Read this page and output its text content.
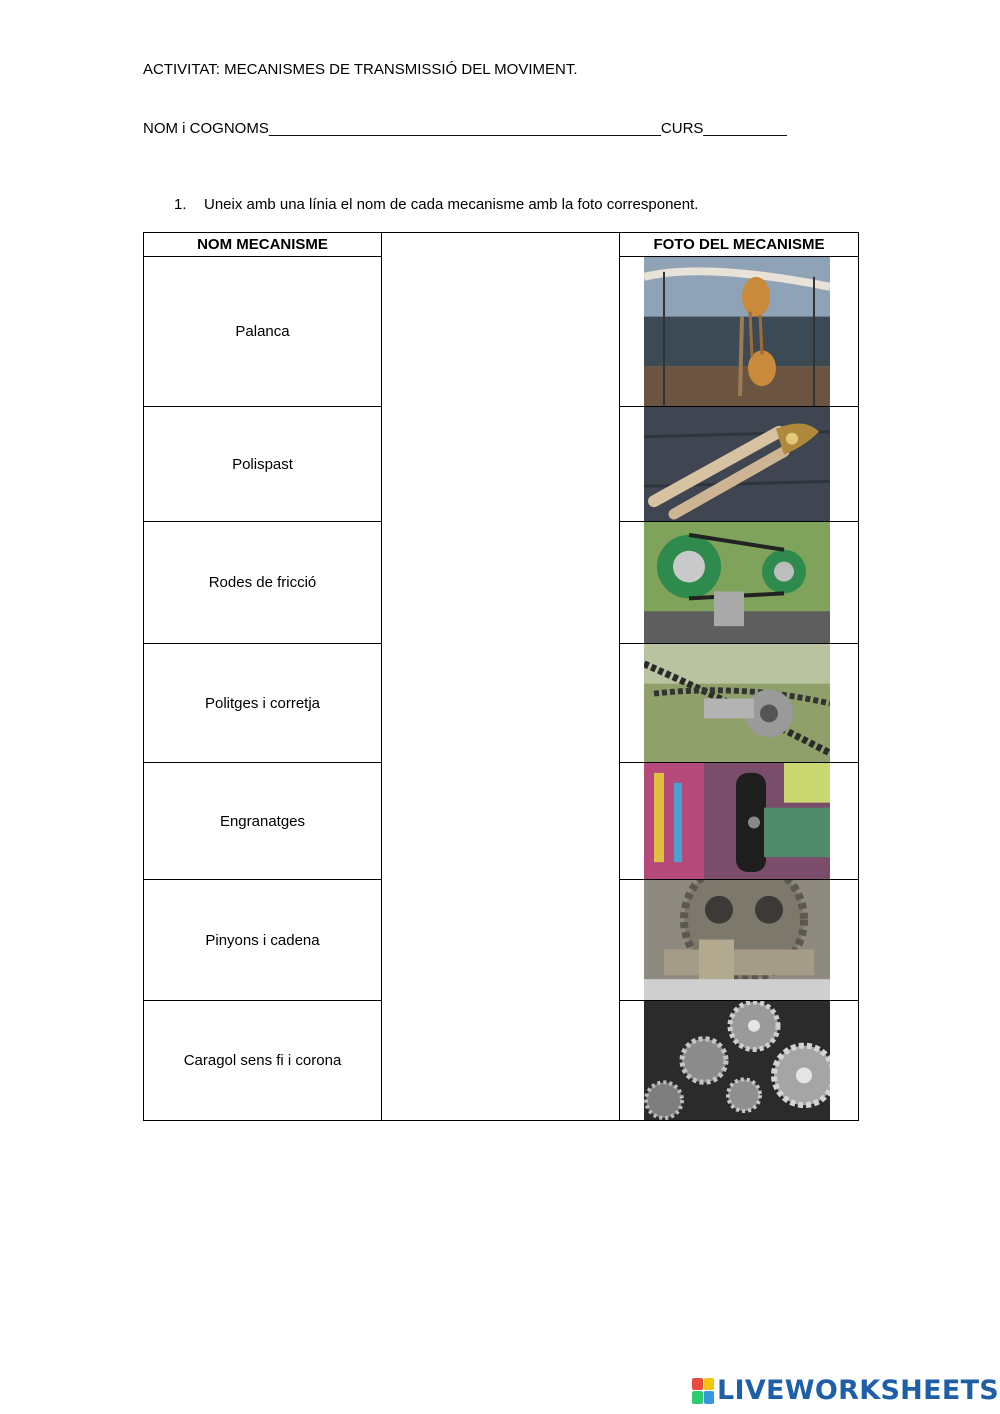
ACTIVITAT: MECANISMES DE TRANSMISSIÓ DEL MOVIMENT.
NOM i COGNOMS_______________________________________________CURS__________
1. Uneix amb una línia el nom de cada mecanisme amb la foto corresponent.
NOM MECANISME		FOTO DEL MECANISME
Palanca	

Polispast	

Rodes de fricció	

Politges i corretja	

Engranatges	

Pinyons i cadena	

Caragol sens fi i corona	
LIVEWORKSHEETS
